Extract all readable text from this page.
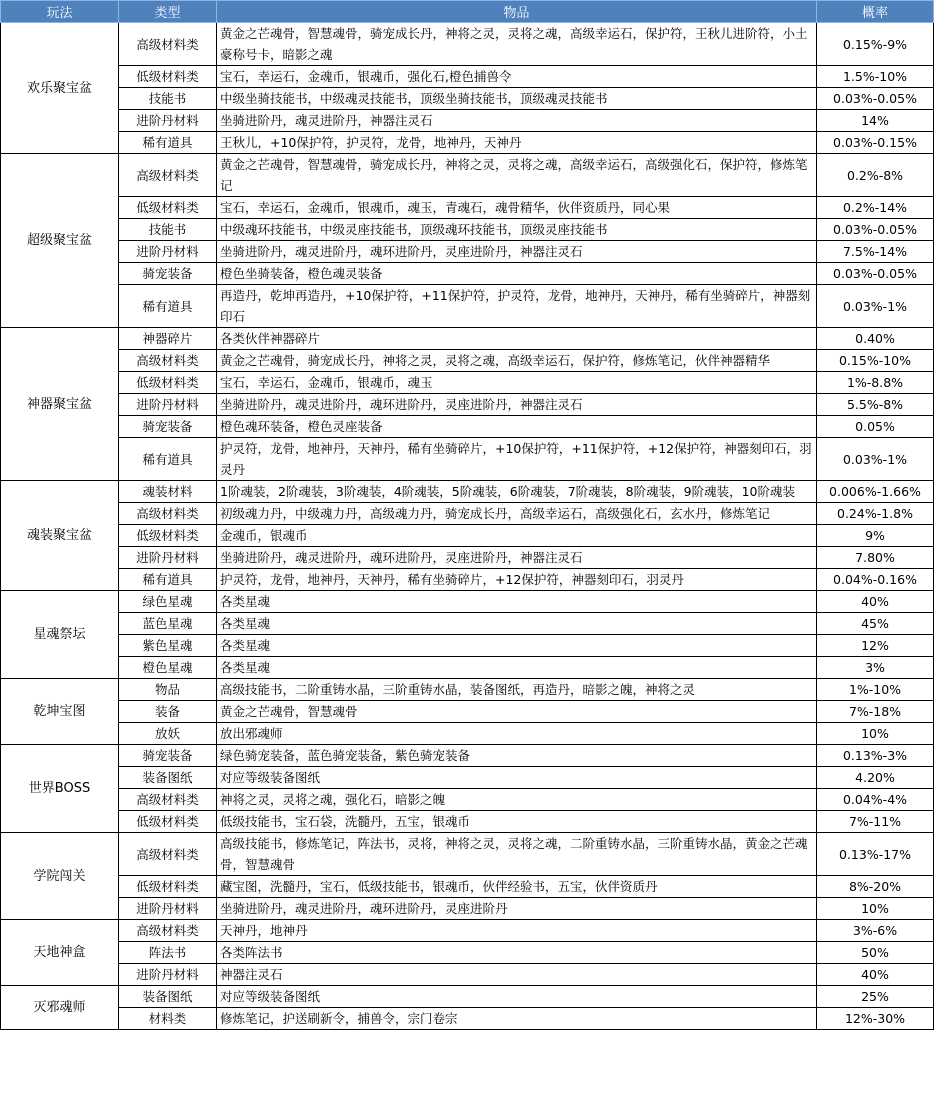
玩法	类型	物品	概率
欢乐聚宝盆	高级材料类	黄金之芒魂骨，智慧魂骨，骑宠成长丹，神将之灵，灵将之魂，高级幸运石，保护符，王秋儿进阶符，小土豪称号卡，暗影之魂	0.15%-9%
	低级材料类	宝石，幸运石，金魂币，银魂币，强化石,橙色捕兽令	1.5%-10%
	技能书	中级坐骑技能书，中级魂灵技能书，顶级坐骑技能书，顶级魂灵技能书	0.03%-0.05%
	进阶丹材料	坐骑进阶丹，魂灵进阶丹，神器注灵石	14%
	稀有道具	王秋儿，+10保护符，护灵符，龙骨，地神丹，天神丹	0.03%-0.15%
超级聚宝盆	高级材料类	黄金之芒魂骨，智慧魂骨，骑宠成长丹，神将之灵，灵将之魂，高级幸运石，高级强化石，保护符，修炼笔记	0.2%-8%
	低级材料类	宝石，幸运石，金魂币，银魂币，魂玉，青魂石，魂骨精华，伙伴资质丹，同心果	0.2%-14%
	技能书	中级魂环技能书，中级灵座技能书，顶级魂环技能书，顶级灵座技能书	0.03%-0.05%
	进阶丹材料	坐骑进阶丹，魂灵进阶丹，魂环进阶丹，灵座进阶丹，神器注灵石	7.5%-14%
	骑宠装备	橙色坐骑装备，橙色魂灵装备	0.03%-0.05%
	稀有道具	再造丹，乾坤再造丹，+10保护符，+11保护符，护灵符，龙骨，地神丹，天神丹，稀有坐骑碎片，神器刻印石	0.03%-1%
神器聚宝盆	神器碎片	各类伙伴神器碎片	0.40%
	高级材料类	黄金之芒魂骨，骑宠成长丹，神将之灵，灵将之魂，高级幸运石，保护符，修炼笔记，伙伴神器精华	0.15%-10%
	低级材料类	宝石，幸运石，金魂币，银魂币，魂玉	1%-8.8%
	进阶丹材料	坐骑进阶丹，魂灵进阶丹，魂环进阶丹，灵座进阶丹，神器注灵石	5.5%-8%
	骑宠装备	橙色魂环装备，橙色灵座装备	0.05%
	稀有道具	护灵符，龙骨，地神丹，天神丹，稀有坐骑碎片，+10保护符，+11保护符，+12保护符，神器刻印石，羽灵丹	0.03%-1%
魂装聚宝盆	魂装材料	1阶魂装，2阶魂装，3阶魂装，4阶魂装，5阶魂装，6阶魂装，7阶魂装，8阶魂装，9阶魂装，10阶魂装	0.006%-1.66%
	高级材料类	初级魂力丹，中级魂力丹，高级魂力丹，骑宠成长丹，高级幸运石，高级强化石，玄水丹，修炼笔记	0.24%-1.8%
	低级材料类	金魂币，银魂币	9%
	进阶丹材料	坐骑进阶丹，魂灵进阶丹，魂环进阶丹，灵座进阶丹，神器注灵石	7.80%
	稀有道具	护灵符，龙骨，地神丹，天神丹，稀有坐骑碎片，+12保护符，神器刻印石，羽灵丹	0.04%-0.16%
星魂祭坛	绿色星魂	各类星魂	40%
	蓝色星魂	各类星魂	45%
	紫色星魂	各类星魂	12%
	橙色星魂	各类星魂	3%
乾坤宝图	物品	高级技能书，二阶重铸水晶，三阶重铸水晶，装备图纸，再造丹，暗影之魄，神将之灵	1%-10%
	装备	黄金之芒魂骨，智慧魂骨	7%-18%
	放妖	放出邪魂师	10%
世界BOSS	骑宠装备	绿色骑宠装备，蓝色骑宠装备，紫色骑宠装备	0.13%-3%
	装备图纸	对应等级装备图纸	4.20%
	高级材料类	神将之灵，灵将之魂，强化石，暗影之魄	0.04%-4%
	低级材料类	低级技能书，宝石袋，洗髓丹，五宝，银魂币	7%-11%
学院闯关	高级材料类	高级技能书，修炼笔记，阵法书，灵将，神将之灵，灵将之魂，二阶重铸水晶，三阶重铸水晶，黄金之芒魂骨，智慧魂骨	0.13%-17%
	低级材料类	藏宝图，洗髓丹，宝石，低级技能书，银魂币，伙伴经验书，五宝，伙伴资质丹	8%-20%
	进阶丹材料	坐骑进阶丹，魂灵进阶丹，魂环进阶丹，灵座进阶丹	10%
天地神盒	高级材料类	天神丹，地神丹	3%-6%
	阵法书	各类阵法书	50%
	进阶丹材料	神器注灵石	40%
灭邪魂师	装备图纸	对应等级装备图纸	25%
	材料类	修炼笔记，护送刷新令，捕兽令，宗门卷宗	12%-30%
